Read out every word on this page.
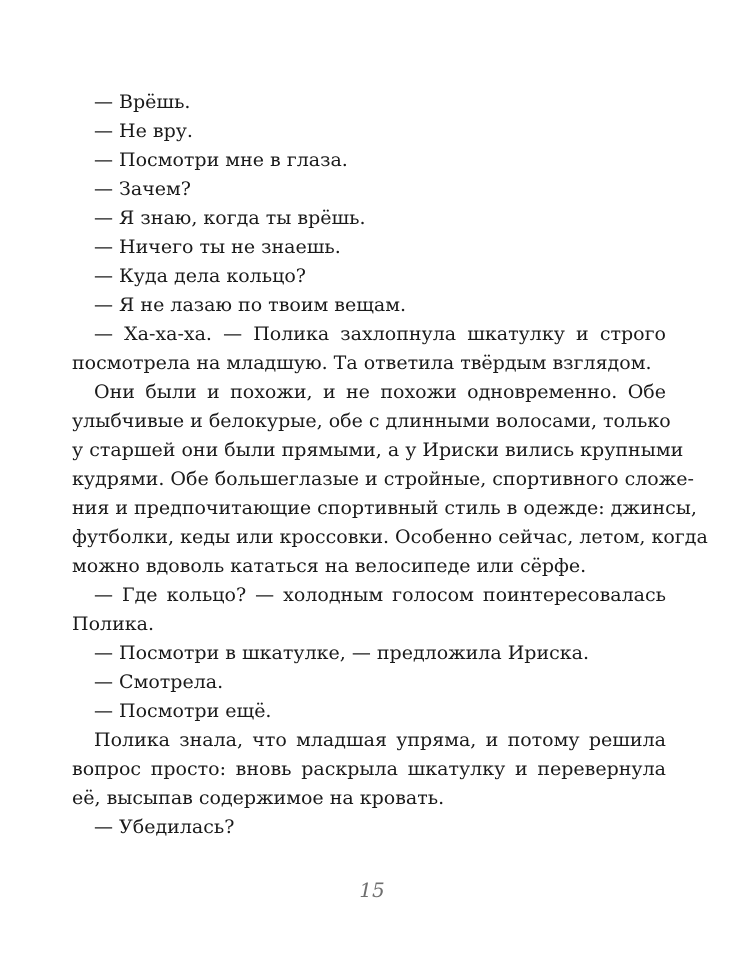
— Врёшь.
— Не вру.
— Посмотри мне в глаза.
— Зачем?
— Я знаю, когда ты врёшь.
— Ничего ты не знаешь.
— Куда дела кольцо?
— Я не лазаю по твоим вещам.
— Ха-ха-ха. — Полика захлопнула шкатулку и строго
посмотрела на младшую. Та ответила твёрдым взглядом.
Они были и похожи, и не похожи одновременно. Обе
улыбчивые и белокурые, обе с длинными волосами, только
у старшей они были прямыми, а у Ириски вились крупными
кудрями. Обе большеглазые и стройные, спортивного сложе-
ния и предпочитающие спортивный стиль в одежде: джинсы,
футболки, кеды или кроссовки. Особенно сейчас, летом, когда
можно вдоволь кататься на велосипеде или сёрфе.
— Где кольцо? — холодным голосом поинтересовалась
Полика.
— Посмотри в шкатулке, — предложила Ириска.
— Смотрела.
— Посмотри ещё.
Полика знала, что младшая упряма, и потому решила
вопрос просто: вновь раскрыла шкатулку и перевернула
её, высыпав содержимое на кровать.
— Убедилась?
15
